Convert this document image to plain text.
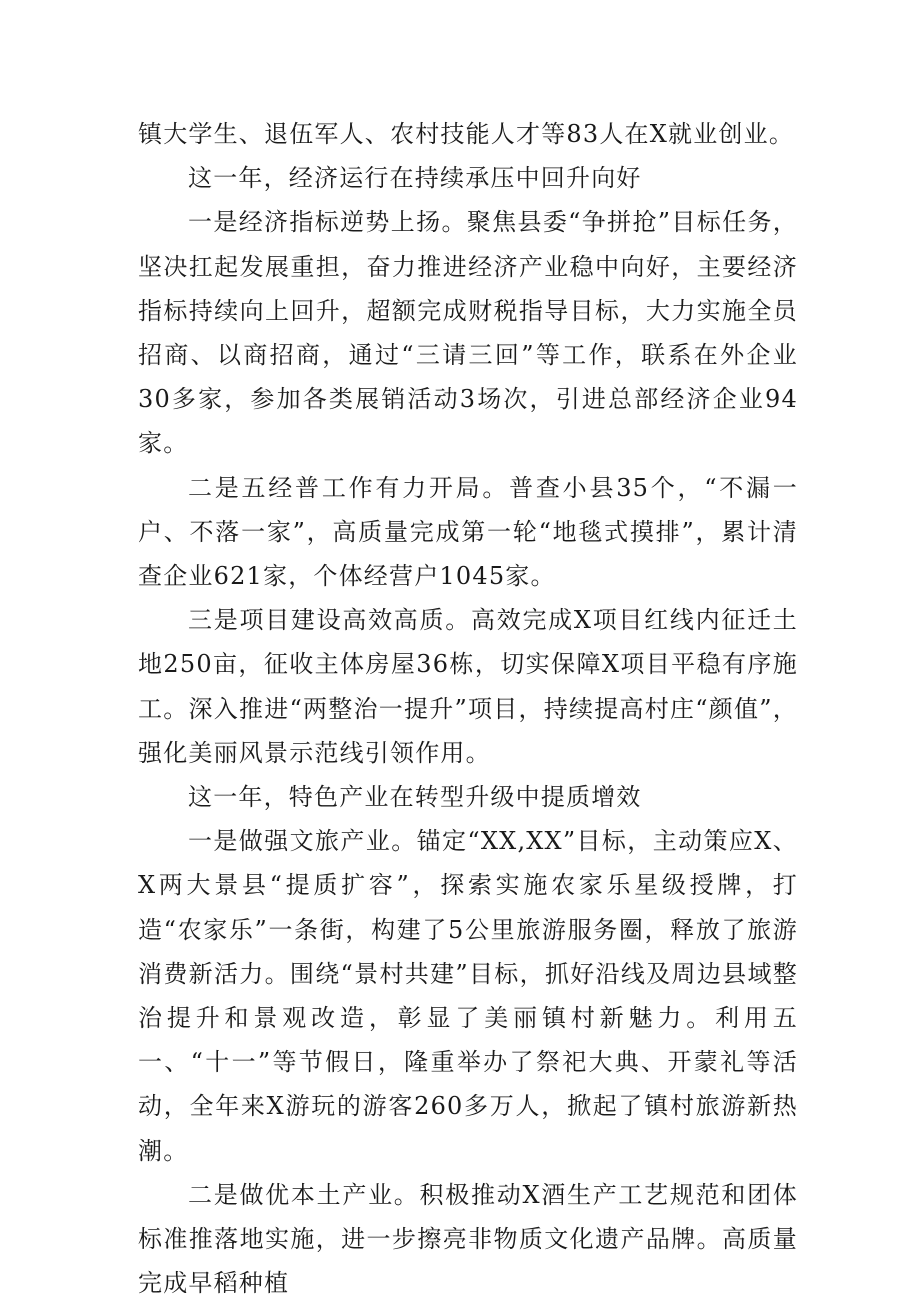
镇大学生、退伍军人、农村技能人才等83人在X就业创业。

这一年，经济运行在持续承压中回升向好

一是经济指标逆势上扬。聚焦县委“争拼抢”目标任务，坚决扛起发展重担，奋力推进经济产业稳中向好，主要经济指标持续向上回升，超额完成财税指导目标，大力实施全员招商、以商招商，通过“三请三回”等工作，联系在外企业30多家，参加各类展销活动3场次，引进总部经济企业94家。

二是五经普工作有力开局。普查小县35个，“不漏一户、不落一家”，高质量完成第一轮“地毯式摸排”，累计清查企业621家，个体经营户1045家。

三是项目建设高效高质。高效完成X项目红线内征迁土地250亩，征收主体房屋36栋，切实保障X项目平稳有序施工。深入推进“两整治一提升”项目，持续提高村庄“颜值”，强化美丽风景示范线引领作用。

这一年，特色产业在转型升级中提质增效

一是做强文旅产业。锚定“XX,XX”目标，主动策应X、X两大景县“提质扩容”，探索实施农家乐星级授牌，打造“农家乐”一条街，构建了5公里旅游服务圈，释放了旅游消费新活力。围绕“景村共建”目标，抓好沿线及周边县域整治提升和景观改造，彰显了美丽镇村新魅力。利用五一、“十一”等节假日，隆重举办了祭祀大典、开蒙礼等活动，全年来X游玩的游客260多万人，掀起了镇村旅游新热潮。

二是做优本土产业。积极推动X酒生产工艺规范和团体标准推落地实施，进一步擦亮非物质文化遗产品牌。高质量完成早稻种植
